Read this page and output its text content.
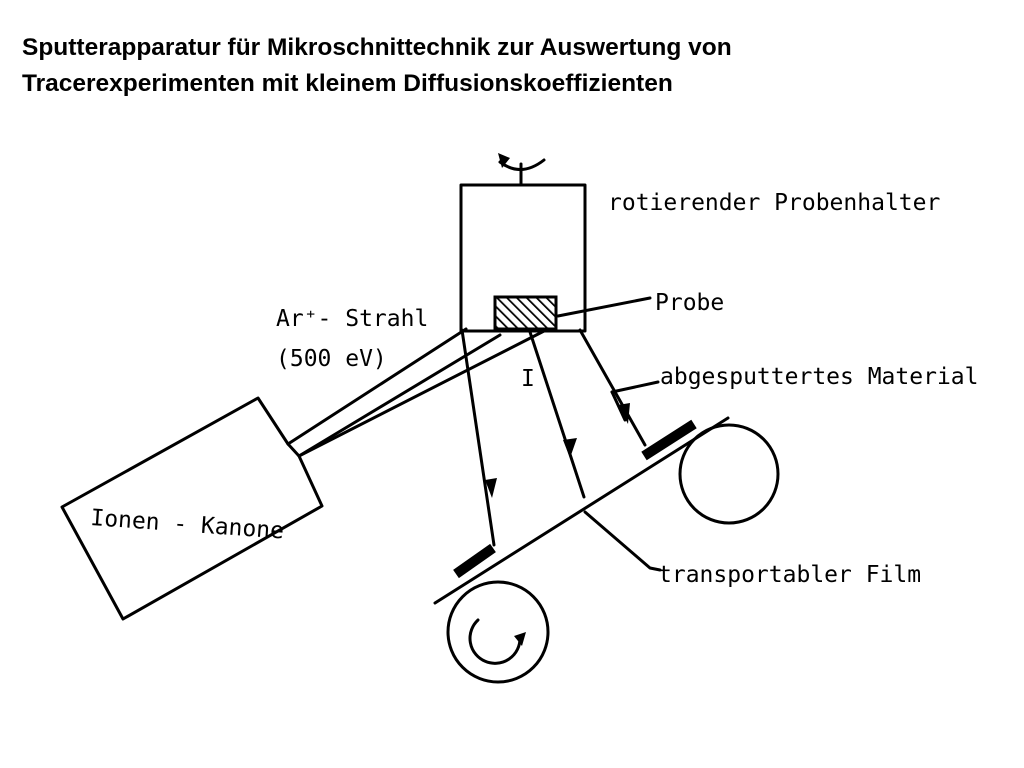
Sputterapparatur für Mikroschnittechnik zur Auswertung von
Tracerexperimenten mit kleinem Diffusionskoeffizienten
I
rotierender Probenhalter
Probe
Ar⁺- Strahl
(500 eV)
abgesputtertes Material
Ionen - Kanone
transportabler Film
